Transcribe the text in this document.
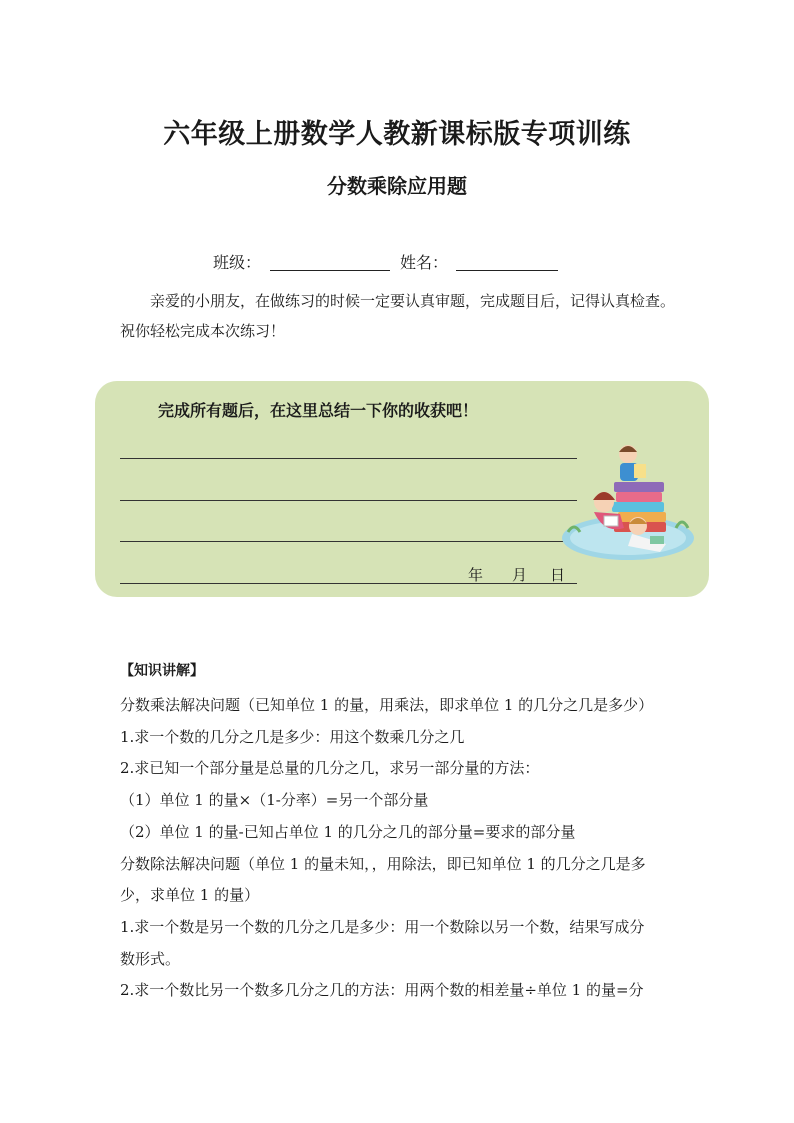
六年级上册数学人教新课标版专项训练
分数乘除应用题
班级：	姓名：
亲爱的小朋友，在做练习的时候一定要认真审题，完成题目后，记得认真检查。祝你轻松完成本次练习！
完成所有题后，在这里总结一下你的收获吧！
年 月 日
【知识讲解】

分数乘法解决问题（已知单位 1 的量，用乘法，即求单位 1 的几分之几是多少）

1.求一个数的几分之几是多少：用这个数乘几分之几

2.求已知一个部分量是总量的几分之几，求另一部分量的方法：

（1）单位 1 的量×（1-分率）=另一个部分量

（2）单位 1 的量-已知占单位 1 的几分之几的部分量=要求的部分量

分数除法解决问题（单位 1 的量未知，，用除法，即已知单位 1 的几分之几是多

少，求单位 1 的量）

1.求一个数是另一个数的几分之几是多少：用一个数除以另一个数，结果写成分

数形式。

2.求一个数比另一个数多几分之几的方法：用两个数的相差量÷单位 1 的量=分
